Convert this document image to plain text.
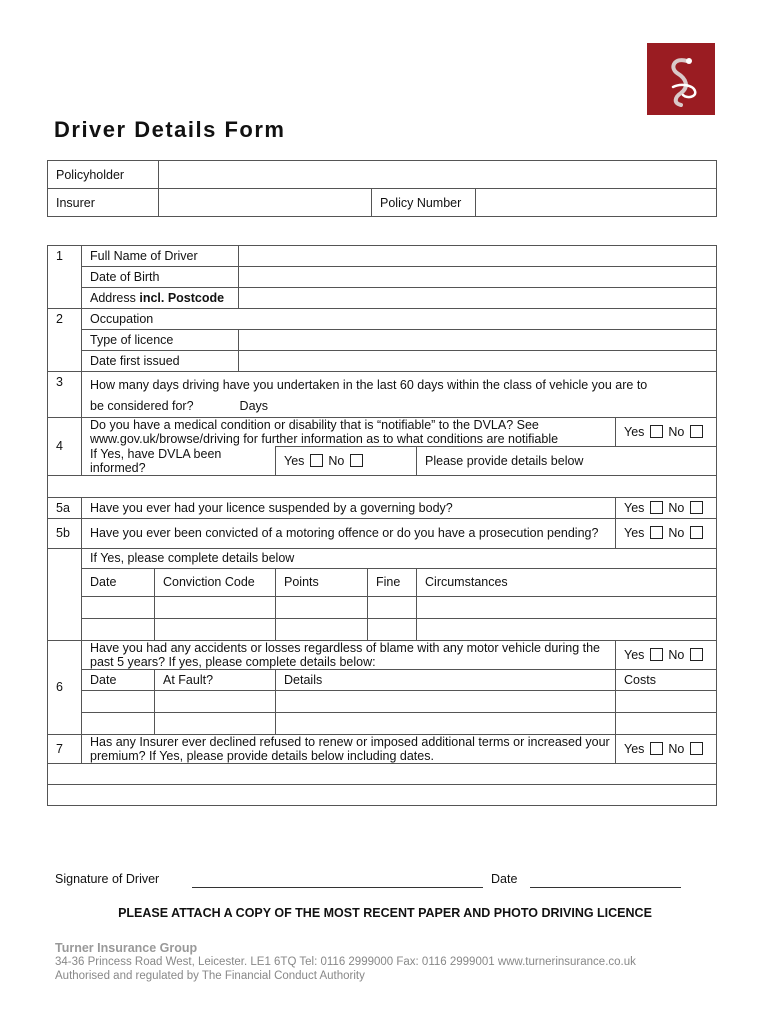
Driver Details Form
Policyholder			
Insurer		Policy Number	
1	Full Name of Driver						
	Date of Birth						
	Address incl. Postcode						
2	Occupation						
	Type of licence						
	Date first issued						
3	How many days driving have you undertaken in the last 60 days within the class of vehicle you are to
be considered for? Days						

4	Do you have a medical condition or disability that is “notifiable” to the DVLA? See www.gov.uk/browse/driving for further information as to what conditions are notifiable						Yes No
	If Yes, have DVLA been informed?			Yes No		Please provide details below	

5a	Have you ever had your licence suspended by a governing body?						Yes No
5b	Have you ever been convicted of a motoring offence or do you have a prosecution pending?						Yes No
	If Yes, please complete details below						
	Date	Conviction Code		Points	Fine	Circumstances	

6	Have you had any accidents or losses regardless of blame with any motor vehicle during the past 5 years? If yes, please complete details below:						Yes No
	Date	At Fault?		Details			Costs

7	Has any Insurer ever declined refused to renew or imposed additional terms or increased your premium? If Yes, please provide details below including dates.						Yes No

Signature of Driver	Date
PLEASE ATTACH A COPY OF THE MOST RECENT PAPER AND PHOTO DRIVING LICENCE
Turner Insurance Group
34-36 Princess Road West, Leicester. LE1 6TQ Tel: 0116 2999000 Fax: 0116 2999001 www.turnerinsurance.co.uk
Authorised and regulated by The Financial Conduct Authority
